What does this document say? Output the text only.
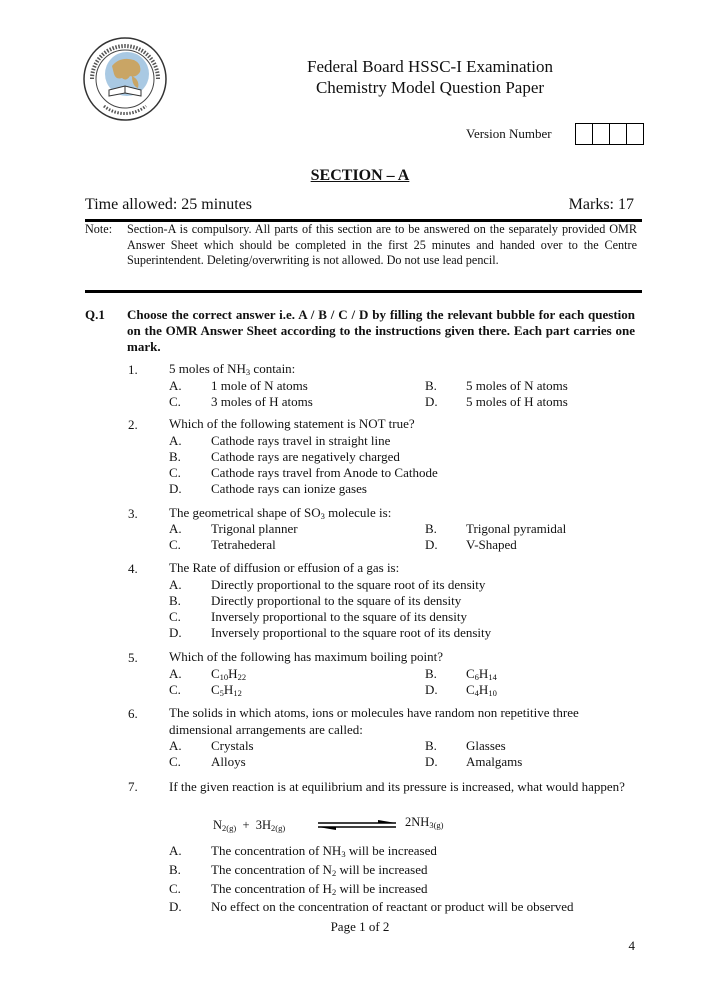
Federal Board HSSC-I Examination
Chemistry Model Question Paper
Version Number
SECTION – A
Time allowed: 25 minutes	Marks: 17
Note: Section-A is compulsory. All parts of this section are to be answered on the separately provided OMR Answer Sheet which should be completed in the first 25 minutes and handed over to the Centre Superintendent. Deleting/overwriting is not allowed. Do not use lead pencil.
Q.1 Choose the correct answer i.e. A / B / C / D by filling the relevant bubble for each question on the OMR Answer Sheet according to the instructions given there. Each part carries one mark.
1. 5 moles of $NH_3$ contain:
A. 1 mole of N atoms	B. 5 moles of N atoms
C. 3 moles of H atoms	D. 5 moles of H atoms
2. Which of the following statement is NOT true?
A. Cathode rays travel in straight line
B. Cathode rays are negatively charged
C. Cathode rays travel from Anode to Cathode
D. Cathode rays can ionize gases
3. The geometrical shape of $SO_3$ molecule is:
A. Trigonal planner	B. Trigonal pyramidal
C. Tetrahederal	D. V-Shaped
4. The Rate of diffusion or effusion of a gas is:
A. Directly proportional to the square root of its density
B. Directly proportional to the square of its density
C. Inversely proportional to the square of its density
D. Inversely proportional to the square root of its density
5. Which of the following has maximum boiling point?
A. $C_{10}H_{22}$	B. $C_6H_{14}$
C. $C_5H_{12}$	D. $C_4H_{10}$
6. The solids in which atoms, ions or molecules have random non repetitive three dimensional arrangements are called:
A. Crystals	B. Glasses
C. Alloys	D. Amalgams
7. If the given reaction is at equilibrium and its pressure is increased, what would happen?
$N_{2(g)} + 3H_{2(g)}$	$2NH_{3(g)}$
A. The concentration of $NH_3$ will be increased
B. The concentration of $N_2$ will be increased
C. The concentration of $H_2$ will be increased
D. No effect on the concentration of reactant or product will be observed
Page 1 of 2
4
